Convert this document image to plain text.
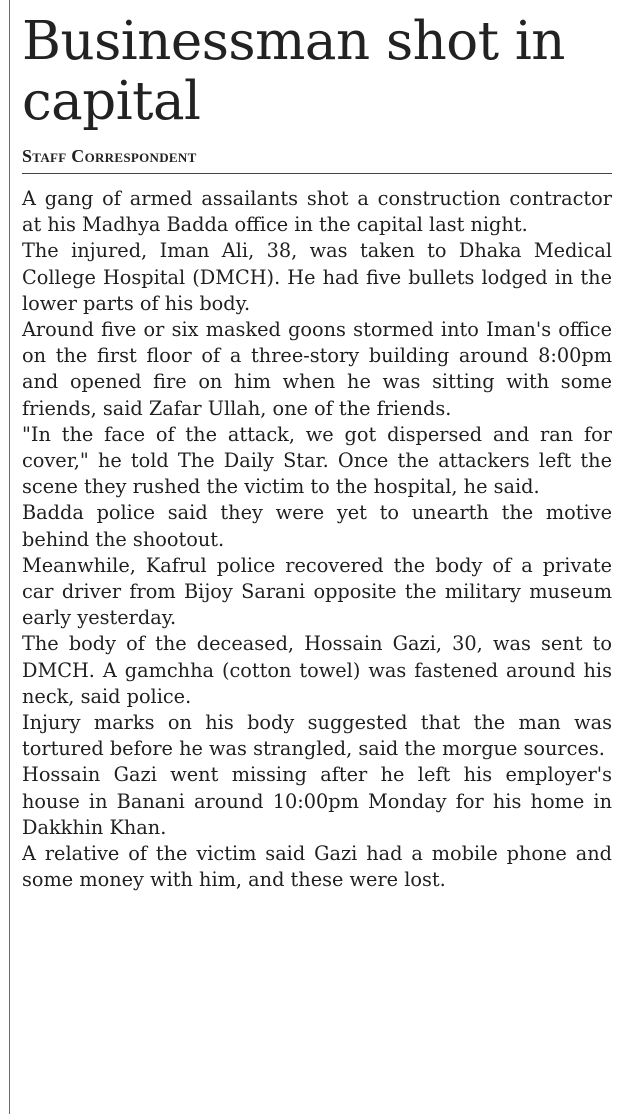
Businessman shot in capital
Staff Correspondent

A gang of armed assailants shot a construction contractor at his Madhya Badda office in the capital last night.

The injured, Iman Ali, 38, was taken to Dhaka Medical College Hospital (DMCH). He had five bullets lodged in the lower parts of his body.

Around five or six masked goons stormed into Iman's office on the first floor of a three-story building around 8:00pm and opened fire on him when he was sitting with some friends, said Zafar Ullah, one of the friends.

"In the face of the attack, we got dispersed and ran for cover," he told The Daily Star. Once the attackers left the scene they rushed the victim to the hospital, he said.

Badda police said they were yet to unearth the motive behind the shootout.

Meanwhile, Kafrul police recovered the body of a private car driver from Bijoy Sarani opposite the military museum early yesterday.

The body of the deceased, Hossain Gazi, 30, was sent to DMCH. A gamchha (cotton towel) was fastened around his neck, said police.

Injury marks on his body suggested that the man was tortured before he was strangled, said the morgue sources.

Hossain Gazi went missing after he left his employer's house in Banani around 10:00pm Monday for his home in Dakkhin Khan.

A relative of the victim said Gazi had a mobile phone and some money with him, and these were lost.
